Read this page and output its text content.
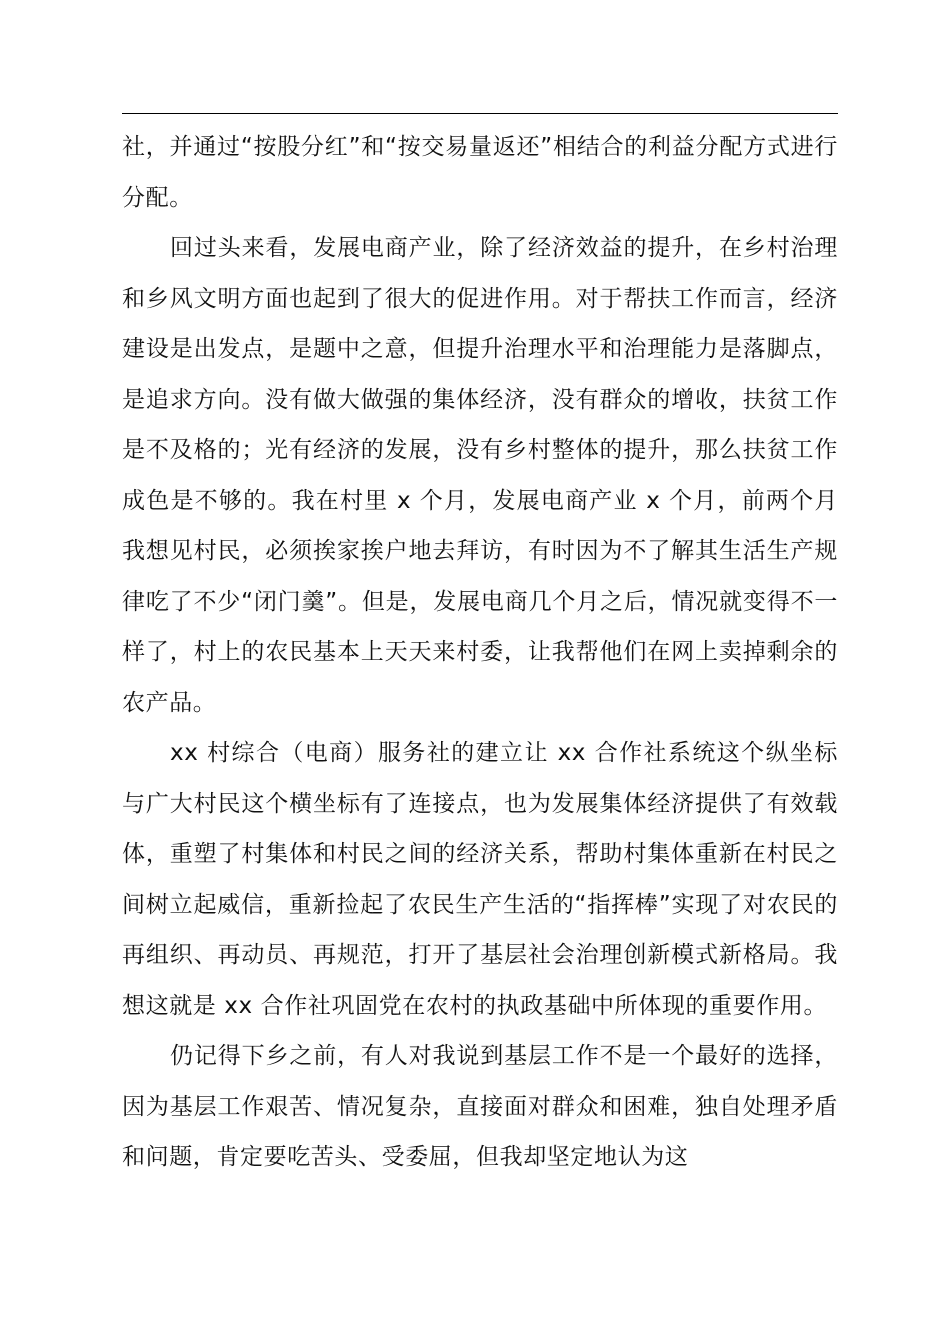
社，并通过“按股分红”和“按交易量返还”相结合的利益分配方式进行分配。

回过头来看，发展电商产业，除了经济效益的提升，在乡村治理和乡风文明方面也起到了很大的促进作用。对于帮扶工作而言，经济建设是出发点，是题中之意，但提升治理水平和治理能力是落脚点，是追求方向。没有做大做强的集体经济，没有群众的增收，扶贫工作是不及格的；光有经济的发展，没有乡村整体的提升，那么扶贫工作成色是不够的。我在村里 x 个月，发展电商产业 x 个月，前两个月我想见村民，必须挨家挨户地去拜访，有时因为不了解其生活生产规律吃了不少“闭门羹”。但是，发展电商几个月之后，情况就变得不一样了，村上的农民基本上天天来村委，让我帮他们在网上卖掉剩余的农产品。

xx 村综合（电商）服务社的建立让 xx 合作社系统这个纵坐标与广大村民这个横坐标有了连接点，也为发展集体经济提供了有效载体，重塑了村集体和村民之间的经济关系，帮助村集体重新在村民之间树立起威信，重新捡起了农民生产生活的“指挥棒”实现了对农民的再组织、再动员、再规范，打开了基层社会治理创新模式新格局。我想这就是 xx 合作社巩固党在农村的执政基础中所体现的重要作用。

仍记得下乡之前，有人对我说到基层工作不是一个最好的选择，因为基层工作艰苦、情况复杂，直接面对群众和困难，独自处理矛盾和问题，肯定要吃苦头、受委屈，但我却坚定地认为这
